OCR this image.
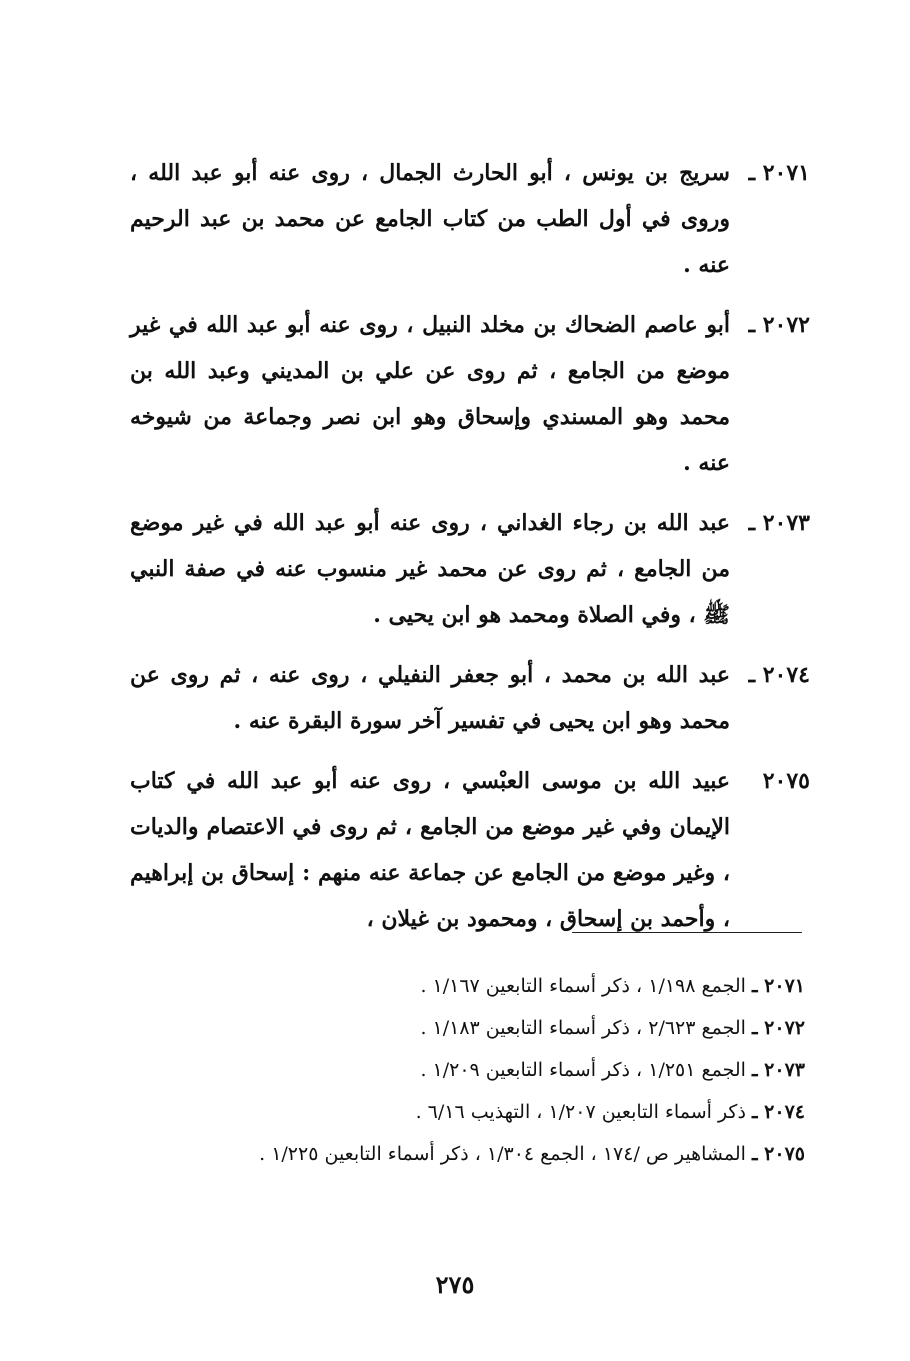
٢٠٧١ ـ
سريج بن يونس ، أبو الحارث الجمال ، روى عنه أبو عبد الله ، وروى في أول الطب من كتاب الجامع عن محمد بن عبد الرحيم عنه .
٢٠٧٢ ـ
أبو عاصم الضحاك بن مخلد النبيل ، روى عنه أبو عبد الله في غير موضع من الجامع ، ثم روى عن علي بن المديني وعبد الله بن محمد وهو المسندي وإسحاق وهو ابن نصر وجماعة من شيوخه عنه .
٢٠٧٣ ـ
عبد الله بن رجاء الغداني ، روى عنه أبو عبد الله في غير موضع من الجامع ، ثم روى عن محمد غير منسوب عنه في صفة النبي ﷺ ، وفي الصلاة ومحمد هو ابن يحيى .
٢٠٧٤ ـ
عبد الله بن محمد ، أبو جعفر النفيلي ، روى عنه ، ثم روى عن محمد وهو ابن يحيى في تفسير آخر سورة البقرة عنه .
٢٠٧٥
عبيد الله بن موسى العبْسي ، روى عنه أبو عبد الله في كتاب الإيمان وفي غير موضع من الجامع ، ثم روى في الاعتصام والديات ، وغير موضع من الجامع عن جماعة عنه منهم : إسحاق بن إبراهيم ، وأحمد بن إسحاق ، ومحمود بن غيلان ،
٢٠٧١ ـ الجمع ١/١٩٨ ، ذكر أسماء التابعين ١/١٦٧ .
٢٠٧٢ ـ الجمع ٢/٦٢٣ ، ذكر أسماء التابعين ١/١٨٣ .
٢٠٧٣ ـ الجمع ١/٢٥١ ، ذكر أسماء التابعين ١/٢٠٩ .
٢٠٧٤ ـ ذكر أسماء التابعين ١/٢٠٧ ، التهذيب ٦/١٦ .
٢٠٧٥ ـ المشاهير ص /١٧٤ ، الجمع ١/٣٠٤ ، ذكر أسماء التابعين ١/٢٢٥ .
٢٧٥
